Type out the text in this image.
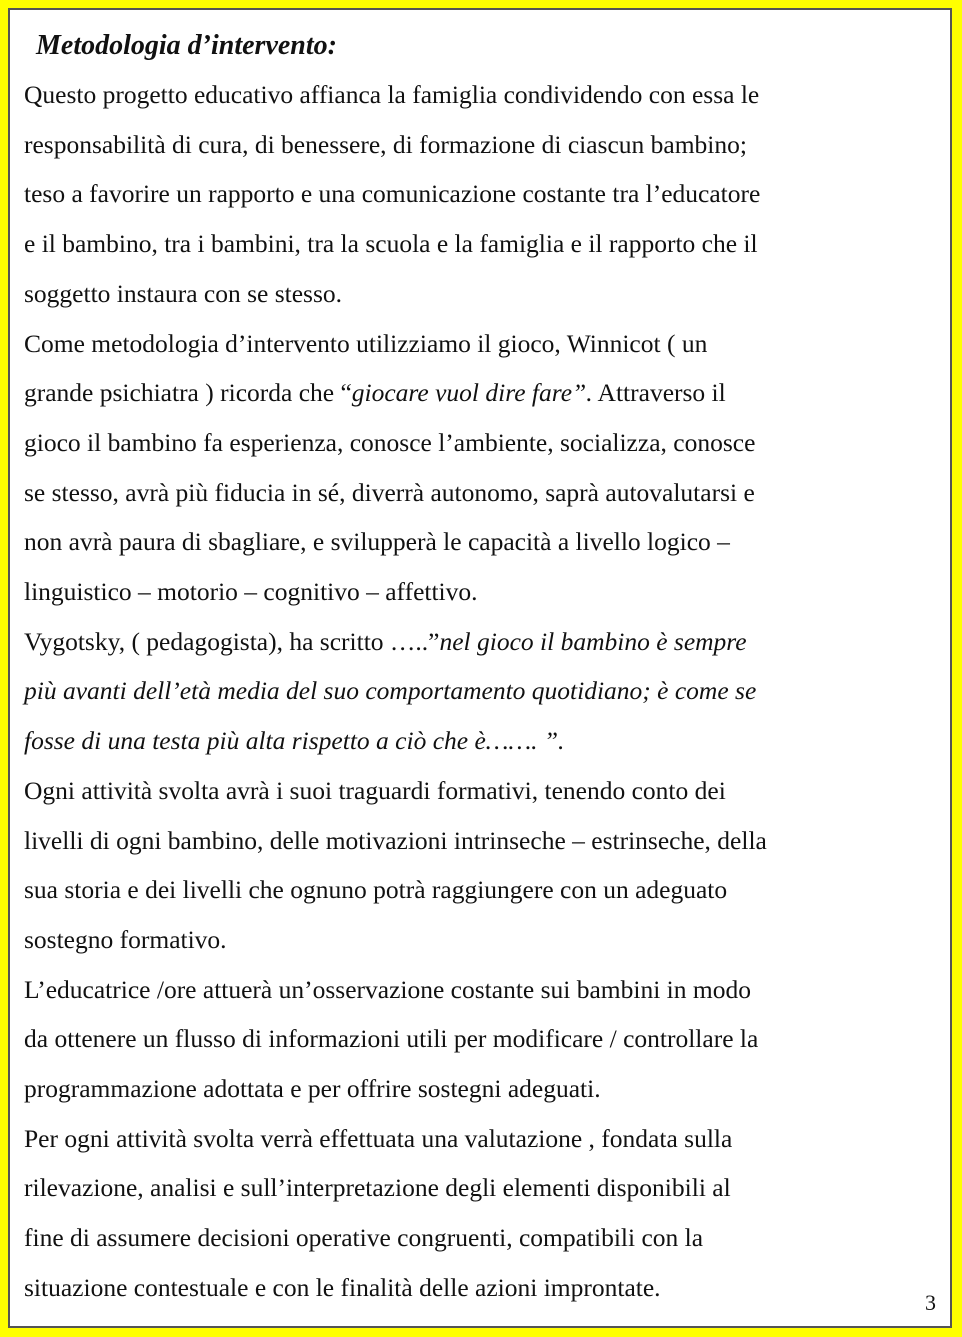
Metodologia d’intervento:

Questo progetto educativo affianca la famiglia condividendo con essa le
responsabilità di cura, di benessere, di formazione di ciascun bambino;
teso a favorire un rapporto e una comunicazione costante tra l’educatore
e il bambino, tra i bambini, tra la scuola e la famiglia e il rapporto che il
soggetto instaura con se stesso.

Come metodologia d’intervento utilizziamo il gioco, Winnicot ( un
grande psichiatra ) ricorda che “giocare vuol dire fare”. Attraverso il
gioco il bambino fa esperienza, conosce l’ambiente, socializza, conosce
se stesso, avrà più fiducia in sé, diverrà autonomo, saprà autovalutarsi e
non avrà paura di sbagliare, e svilupperà le capacità a livello logico –
linguistico – motorio – cognitivo – affettivo.

Vygotsky, ( pedagogista), ha scritto …..”nel gioco il bambino è sempre
più avanti dell’età media del suo comportamento quotidiano; è come se
fosse di una testa più alta rispetto a ciò che è……. ”.

Ogni attività svolta avrà i suoi traguardi formativi, tenendo conto dei
livelli di ogni bambino, delle motivazioni intrinseche – estrinseche, della
sua storia e dei livelli che ognuno potrà raggiungere con un adeguato
sostegno formativo.

L’educatrice /ore attuerà un’osservazione costante sui bambini in modo
da ottenere un flusso di informazioni utili per modificare / controllare la
programmazione adottata e per offrire sostegni adeguati.

Per ogni attività svolta verrà effettuata una valutazione , fondata sulla
rilevazione, analisi e sull’interpretazione degli elementi disponibili al
fine di assumere decisioni operative congruenti, compatibili con la
situazione contestuale e con le finalità delle azioni improntate.

3
